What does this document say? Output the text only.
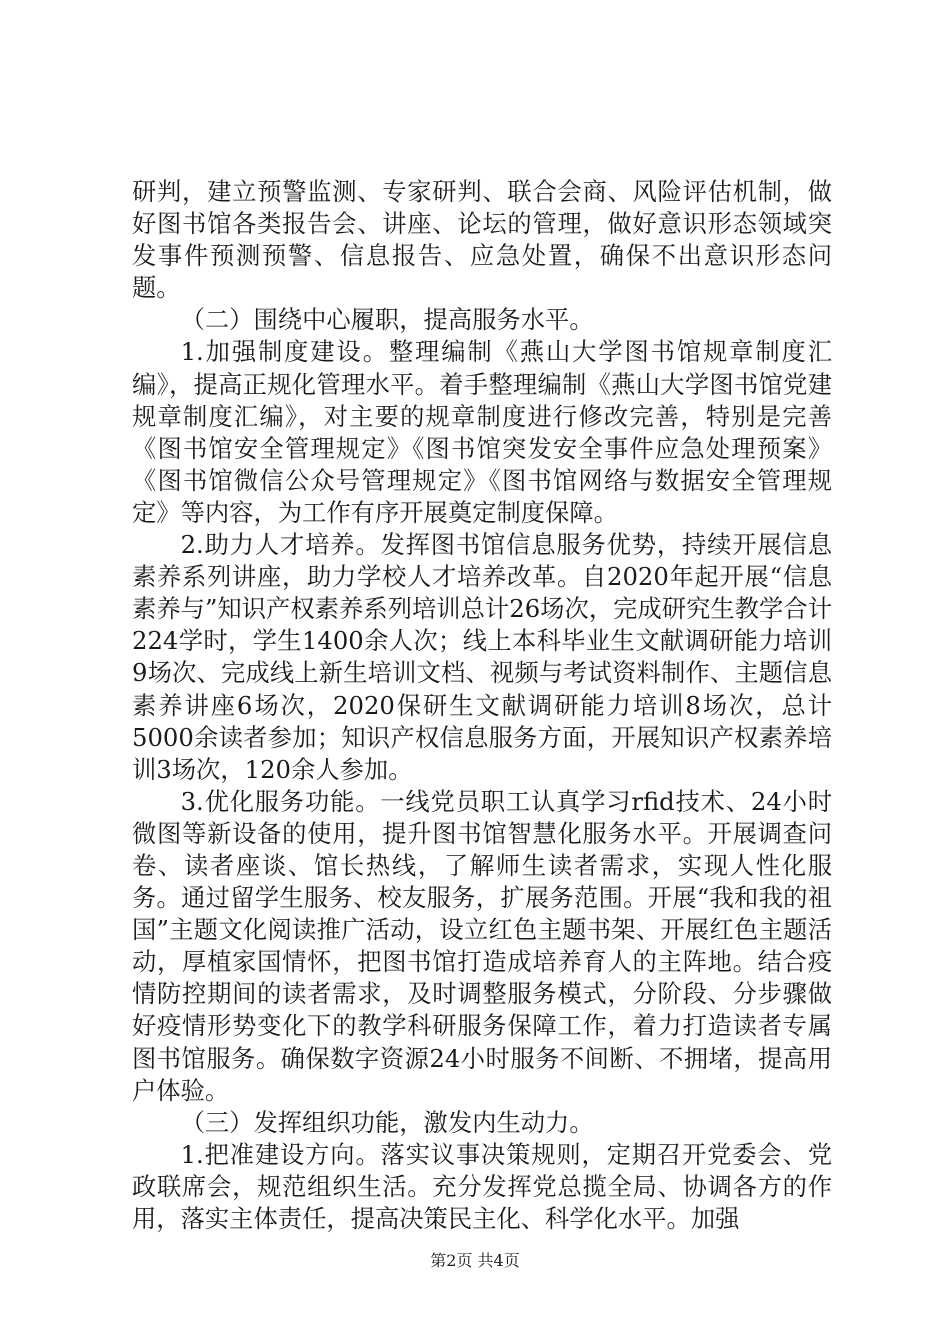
研判，建立预警监测、专家研判、联合会商、风险评估机制，做好图书馆各类报告会、讲座、论坛的管理，做好意识形态领域突发事件预测预警、信息报告、应急处置，确保不出意识形态问题。

（二）围绕中心履职，提高服务水平。

1.加强制度建设。整理编制《燕山大学图书馆规章制度汇编》，提高正规化管理水平。着手整理编制《燕山大学图书馆党建规章制度汇编》，对主要的规章制度进行修改完善，特别是完善《图书馆安全管理规定》《图书馆突发安全事件应急处理预案》《图书馆微信公众号管理规定》《图书馆网络与数据安全管理规定》等内容，为工作有序开展奠定制度保障。

2.助力人才培养。发挥图书馆信息服务优势，持续开展信息素养系列讲座，助力学校人才培养改革。自2020年起开展“信息素养与”知识产权素养系列培训总计26场次，完成研究生教学合计224学时，学生1400余人次；线上本科毕业生文献调研能力培训9场次、完成线上新生培训文档、视频与考试资料制作、主题信息素养讲座6场次，2020保研生文献调研能力培训8场次，总计5000余读者参加；知识产权信息服务方面，开展知识产权素养培训3场次，120余人参加。

3.优化服务功能。一线党员职工认真学习rfid技术、24小时微图等新设备的使用，提升图书馆智慧化服务水平。开展调查问卷、读者座谈、馆长热线，了解师生读者需求，实现人性化服务。通过留学生服务、校友服务，扩展务范围。开展“我和我的祖国”主题文化阅读推广活动，设立红色主题书架、开展红色主题活动，厚植家国情怀，把图书馆打造成培养育人的主阵地。结合疫情防控期间的读者需求，及时调整服务模式，分阶段、分步骤做好疫情形势变化下的教学科研服务保障工作，着力打造读者专属图书馆服务。确保数字资源24小时服务不间断、不拥堵，提高用户体验。

（三）发挥组织功能，激发内生动力。

1.把准建设方向。落实议事决策规则，定期召开党委会、党政联席会，规范组织生活。充分发挥党总揽全局、协调各方的作用，落实主体责任，提高决策民主化、科学化水平。加强

第2页 共4页
